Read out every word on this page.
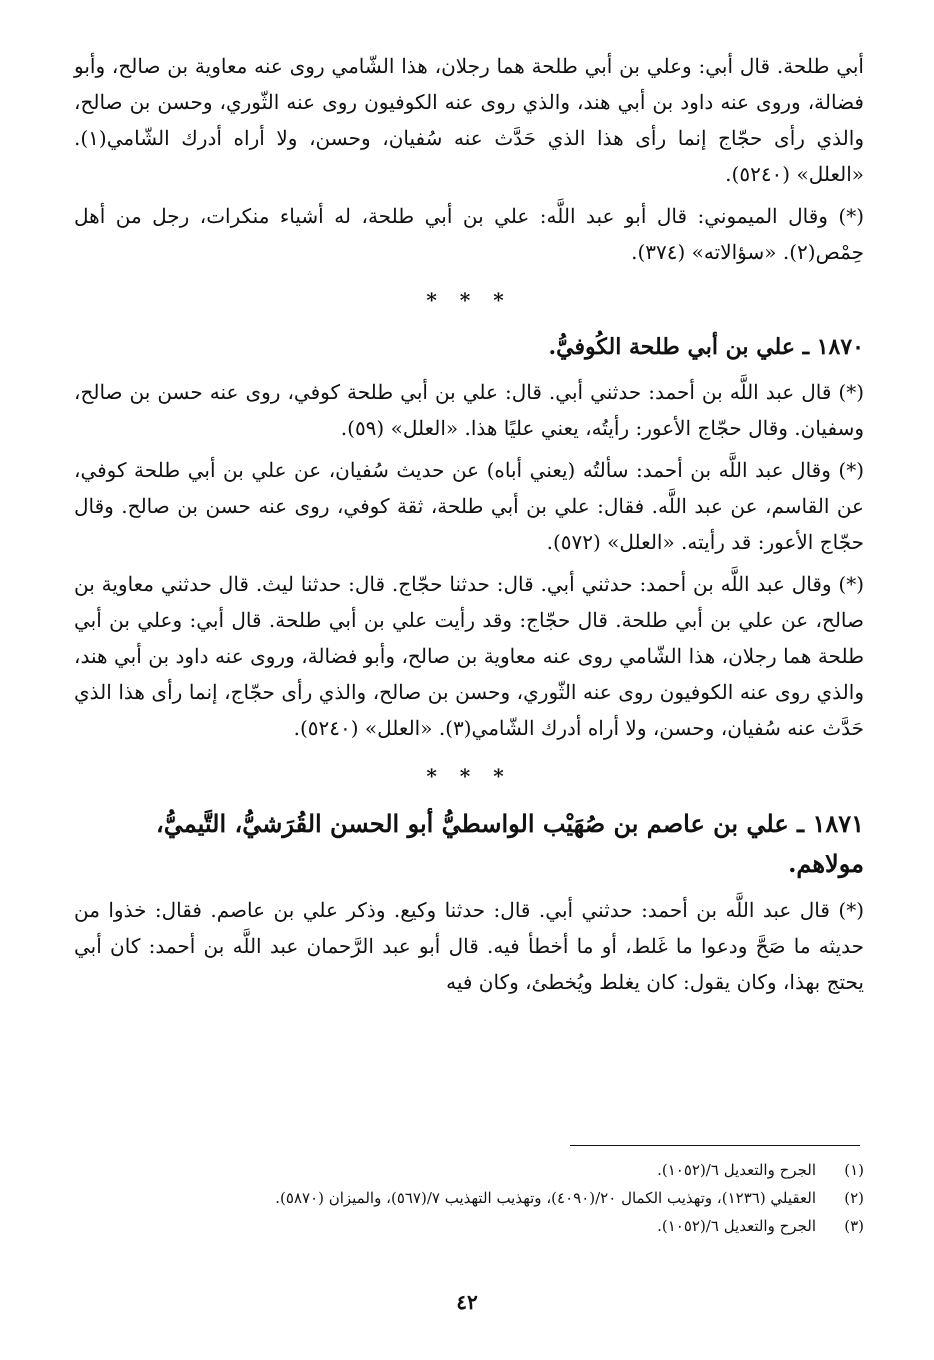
أبي طلحة. قال أبي: وعلي بن أبي طلحة هما رجلان، هذا الشّامي روى عنه معاوية بن صالح، وأبو فضالة، وروى عنه داود بن أبي هند، والذي روى عنه الكوفيون روى عنه الثّوري، وحسن بن صالح، والذي رأى حجّاج إنما رأى هذا الذي حَدَّث عنه سُفيان، وحسن، ولا أراه أدرك الشّامي(١). «العلل» (٥٢٤٠).

(*) وقال الميموني: قال أبو عبد اللَّه: علي بن أبي طلحة، له أشياء منكرات، رجل من أهل حِمْص(٢). «سؤالاته» (٣٧٤).

* * *
١٨٧٠ ـ علي بن أبي طلحة الكُوفيُّ.

(*) قال عبد اللَّه بن أحمد: حدثني أبي. قال: علي بن أبي طلحة كوفي، روى عنه حسن بن صالح، وسفيان. وقال حجّاج الأعور: رأيتُه، يعني عليًا هذا. «العلل» (٥٩).

(*) وقال عبد اللَّه بن أحمد: سألتُه (يعني أباه) عن حديث سُفيان، عن علي بن أبي طلحة كوفي، عن القاسم، عن عبد اللَّه. فقال: علي بن أبي طلحة، ثقة كوفي، روى عنه حسن بن صالح. وقال حجّاج الأعور: قد رأيته. «العلل» (٥٧٢).

(*) وقال عبد اللَّه بن أحمد: حدثني أبي. قال: حدثنا حجّاج. قال: حدثنا ليث. قال حدثني معاوية بن صالح، عن علي بن أبي طلحة. قال حجّاج: وقد رأيت علي بن أبي طلحة. قال أبي: وعلي بن أبي طلحة هما رجلان، هذا الشّامي روى عنه معاوية بن صالح، وأبو فضالة، وروى عنه داود بن أبي هند، والذي روى عنه الكوفيون روى عنه الثّوري، وحسن بن صالح، والذي رأى حجّاج، إنما رأى هذا الذي حَدَّث عنه سُفيان، وحسن، ولا أراه أدرك الشّامي(٣). «العلل» (٥٢٤٠).

* * *
١٨٧١ ـ علي بن عاصم بن صُهَيْب الواسطيُّ أبو الحسن القُرَشيُّ، التَّيميُّ، مولاهم.

(*) قال عبد اللَّه بن أحمد: حدثني أبي. قال: حدثنا وكيع. وذكر علي بن عاصم. فقال: خذوا من حديثه ما صَحَّ ودعوا ما غَلط، أو ما أخطأ فيه. قال أبو عبد الرَّحمان عبد اللَّه بن أحمد: كان أبي يحتج بهذا، وكان يقول: كان يغلط ويُخطئ، وكان فيه

(١)
الجرح والتعديل ٦/(١٠٥٢).
(٢)
العقيلي (١٢٣٦)، وتهذيب الكمال ٢٠/(٤٠٩٠)، وتهذيب التهذيب ٧/(٥٦٧)، والميزان (٥٨٧٠).
(٣)
الجرح والتعديل ٦/(١٠٥٢).
٤٢
